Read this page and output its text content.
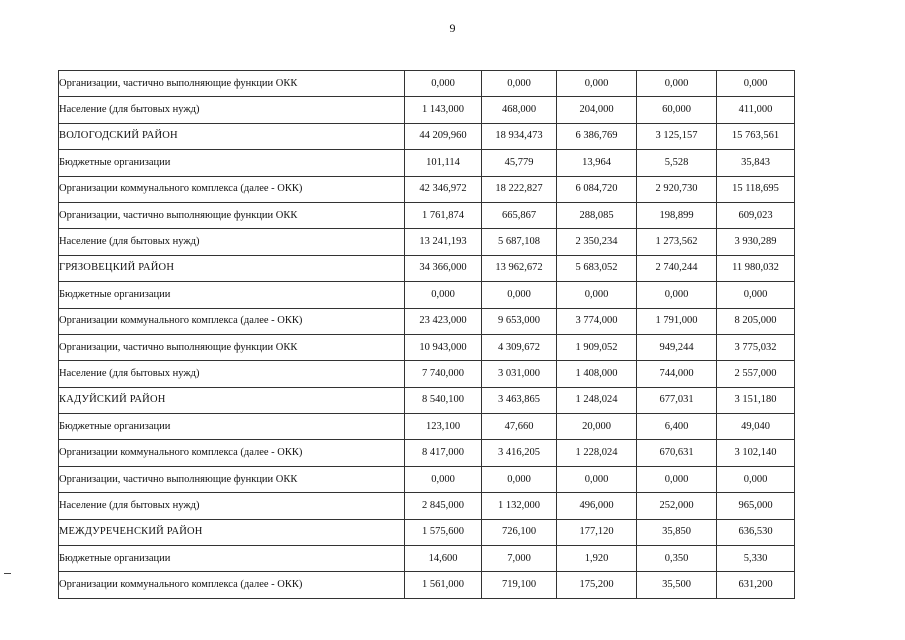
9
Организации, частично выполняющие функции ОКК	0,000	0,000	0,000	0,000	0,000
Население (для бытовых нужд)	1 143,000	468,000	204,000	60,000	411,000
ВОЛОГОДСКИЙ РАЙОН	44 209,960	18 934,473	6 386,769	3 125,157	15 763,561
Бюджетные организации	101,114	45,779	13,964	5,528	35,843
Организации коммунального комплекса (далее - ОКК)	42 346,972	18 222,827	6 084,720	2 920,730	15 118,695
Организации, частично выполняющие функции ОКК	1 761,874	665,867	288,085	198,899	609,023
Население (для бытовых нужд)	13 241,193	5 687,108	2 350,234	1 273,562	3 930,289
ГРЯЗОВЕЦКИЙ РАЙОН	34 366,000	13 962,672	5 683,052	2 740,244	11 980,032
Бюджетные организации	0,000	0,000	0,000	0,000	0,000
Организации коммунального комплекса (далее - ОКК)	23 423,000	9 653,000	3 774,000	1 791,000	8 205,000
Организации, частично выполняющие функции ОКК	10 943,000	4 309,672	1 909,052	949,244	3 775,032
Население (для бытовых нужд)	7 740,000	3 031,000	1 408,000	744,000	2 557,000
КАДУЙСКИЙ РАЙОН	8 540,100	3 463,865	1 248,024	677,031	3 151,180
Бюджетные организации	123,100	47,660	20,000	6,400	49,040
Организации коммунального комплекса (далее - ОКК)	8 417,000	3 416,205	1 228,024	670,631	3 102,140
Организации, частично выполняющие функции ОКК	0,000	0,000	0,000	0,000	0,000
Население (для бытовых нужд)	2 845,000	1 132,000	496,000	252,000	965,000
МЕЖДУРЕЧЕНСКИЙ РАЙОН	1 575,600	726,100	177,120	35,850	636,530
Бюджетные организации	14,600	7,000	1,920	0,350	5,330
Организации коммунального комплекса (далее - ОКК)	1 561,000	719,100	175,200	35,500	631,200
